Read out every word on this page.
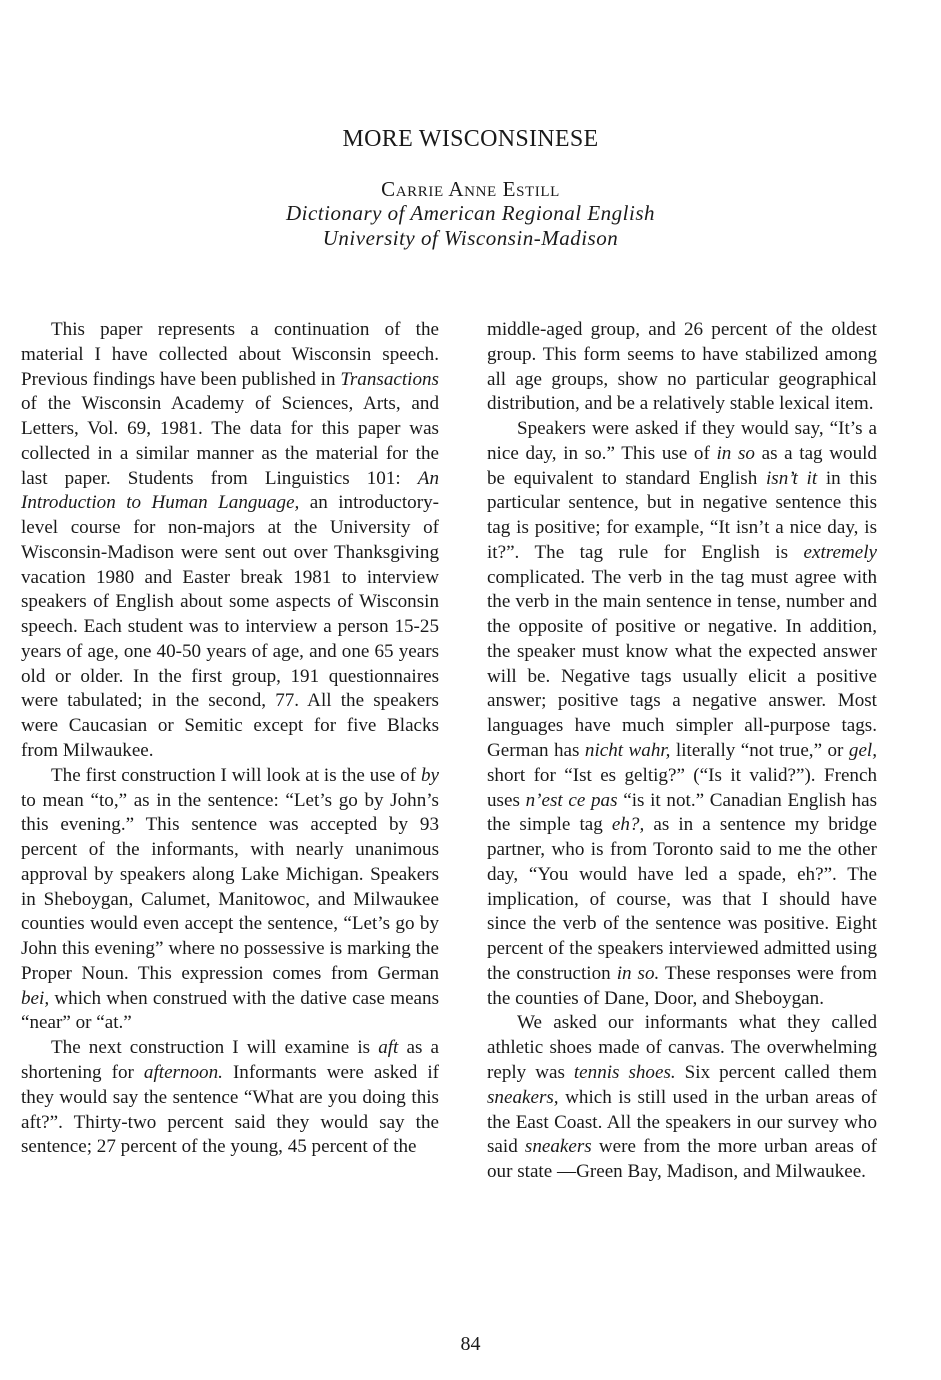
MORE WISCONSINESE
Carrie Anne Estill
Dictionary of American Regional English
University of Wisconsin-Madison

This paper represents a continuation of the material I have collected about Wisconsin speech. Previous findings have been published in Transactions of the Wisconsin Academy of Sciences, Arts, and Letters, Vol. 69, 1981. The data for this paper was collected in a similar manner as the material for the last paper. Students from Linguistics 101: An Introduction to Human Language, an introductory-level course for non-majors at the University of Wisconsin-Madison were sent out over Thanksgiving vacation 1980 and Easter break 1981 to interview speakers of English about some aspects of Wisconsin speech. Each student was to interview a person 15-25 years of age, one 40-50 years of age, and one 65 years old or older. In the first group, 191 questionnaires were tabulated; in the second, 77. All the speakers were Caucasian or Semitic except for five Blacks from Milwaukee.

The first construction I will look at is the use of by to mean “to,” as in the sentence: “Let’s go by John’s this evening.” This sentence was accepted by 93 percent of the informants, with nearly unanimous approval by speakers along Lake Michigan. Speakers in Sheboygan, Calumet, Manitowoc, and Milwaukee counties would even accept the sentence, “Let’s go by John this evening” where no possessive is marking the Proper Noun. This expression comes from German bei, which when construed with the dative case means “near” or “at.”

The next construction I will examine is aft as a shortening for afternoon. Informants were asked if they would say the sentence “What are you doing this aft?”. Thirty-two percent said they would say the sentence; 27 percent of the young, 45 percent of the

middle-aged group, and 26 percent of the oldest group. This form seems to have stabilized among all age groups, show no particular geographical distribution, and be a relatively stable lexical item.

Speakers were asked if they would say, “It’s a nice day, in so.” This use of in so as a tag would be equivalent to standard English isn’t it in this particular sentence, but in negative sentence this tag is positive; for example, “It isn’t a nice day, is it?”. The tag rule for English is extremely complicated. The verb in the tag must agree with the verb in the main sentence in tense, number and the opposite of positive or negative. In addition, the speaker must know what the expected answer will be. Negative tags usually elicit a positive answer; positive tags a negative answer. Most languages have much simpler all-purpose tags. German has nicht wahr, literally “not true,” or gel, short for “Ist es geltig?” (“Is it valid?”). French uses n’est ce pas “is it not.” Canadian English has the simple tag eh?, as in a sentence my bridge partner, who is from Toronto said to me the other day, “You would have led a spade, eh?”. The implication, of course, was that I should have since the verb of the sentence was positive. Eight percent of the speakers interviewed admitted using the construction in so. These responses were from the counties of Dane, Door, and Sheboygan.

We asked our informants what they called athletic shoes made of canvas. The overwhelming reply was tennis shoes. Six percent called them sneakers, which is still used in the urban areas of the East Coast. All the speakers in our survey who said sneakers were from the more urban areas of our state —Green Bay, Madison, and Milwaukee.

84
